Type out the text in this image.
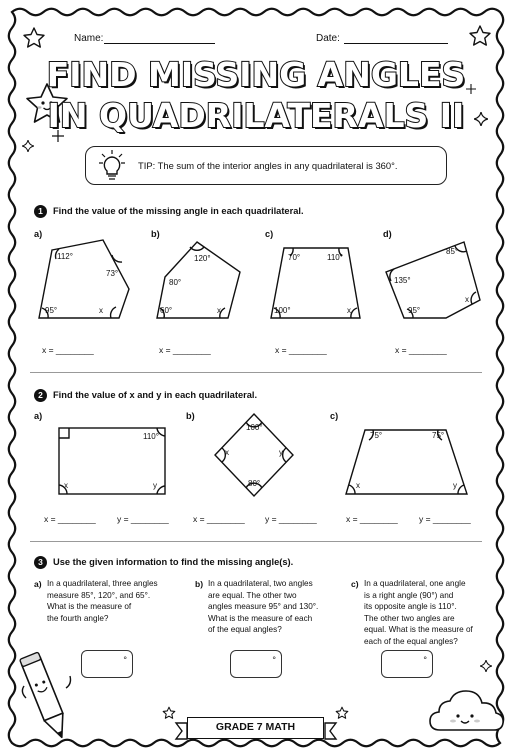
Name:	Date:
FIND MISSING ANGLES
IN QUADRILATERALS II
TIP: The sum of the interior angles in any quadrilateral is 360°.
1	Find the value of the missing angle in each quadrilateral.
a)	b)	c)	d)
112°
73°
95°	x
120°
80°
60°	x
70°	110°
100°	x
85°
135°
95°
x
x = ________	x = ________	x = ________	x = ________
2	Find the value of x and y in each quadrilateral.
a)	b)	c)
110°
x	y
100°
x	y
80°
75°	75°
x	y
x = ________ y = ________	x = ________ y = ________	x = ________ y = ________
3	Use the given information to find the missing angle(s).
a) In a quadrilateral, three angles
measure 85°, 120°, and 65°.
What is the measure of
the fourth angle?
b) In a quadrilateral, two angles
are equal. The other two
angles measure 95° and 130°.
What is the measure of each
of the equal angles?
c) In a quadrilateral, one angle
is a right angle (90°) and
its opposite angle is 110°.
The other two angles are
equal. What is the measure of
each of the equal angles?
°	°	°
GRADE 7 MATH
